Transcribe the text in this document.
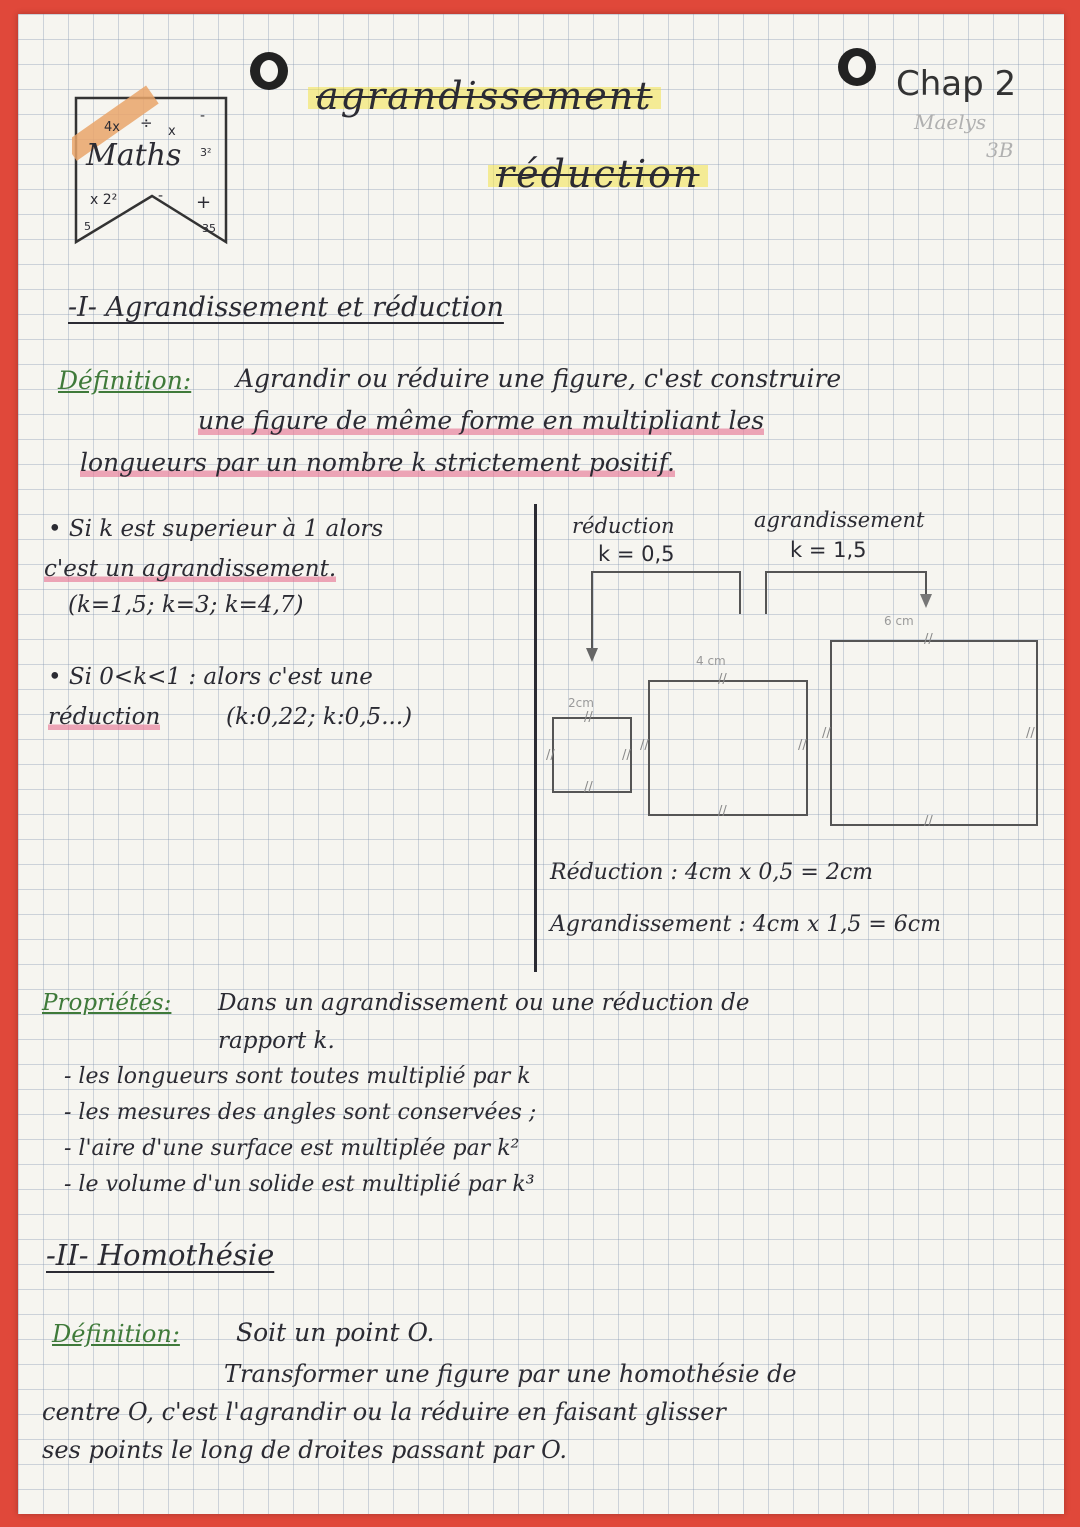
Maths
4x ÷ x
-
3²
x 2²	- +
5	35
agrandissement
réduction
Chap 2
Maelys
3B
-I- Agrandissement et réduction
Définition: Agrandir ou réduire une figure, c'est construire
une figure de même forme en multipliant les
longueurs par un nombre k strictement positif.
• Si k est superieur à 1 alors
c'est un agrandissement.
(k=1,5; k=3; k=4,7)
• Si 0<k<1 : alors c'est une
réduction	(k:0,22; k:0,5...)
réduction
k = 0,5
agrandissement
k = 1,5
2cm
4 cm
6 cm
//
//	//
//
//
//	//
//
//
//	//
//
Réduction : 4cm x 0,5 = 2cm
Agrandissement : 4cm x 1,5 = 6cm
Propriétés: Dans un agrandissement ou une réduction de
rapport k.
- les longueurs sont toutes multiplié par k
- les mesures des angles sont conservées ;
- l'aire d'une surface est multiplée par k²
- le volume d'un solide est multiplié par k³
-II- Homothésie
Définition: Soit un point O.
Transformer une figure par une homothésie de
centre O, c'est l'agrandir ou la réduire en faisant glisser
ses points le long de droites passant par O.
